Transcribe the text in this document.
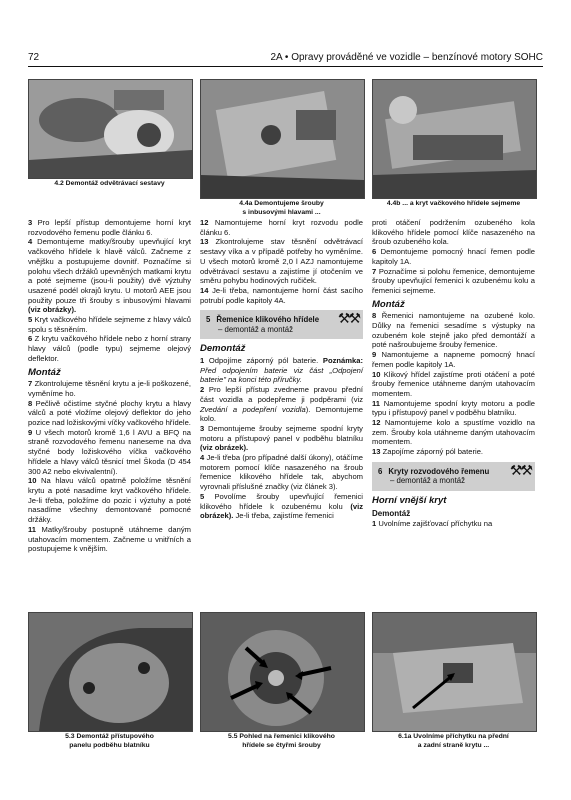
72	2A • Opravy prováděné ve vozidle – benzínové motory SOHC
4.2 Demontáž odvětrávací sestavy
4.4a Demontujeme šrouby
s inbusovými hlavami ...
4.4b ... a kryt vačkového hřídele sejmeme

3 Pro lepší přístup demontujeme horní kryt rozvodového řemenu podle článku 6.

4 Demontujeme matky/šrouby upevňující kryt vačkového hřídele k hlavě válců. Začneme z vnějšku a postupujeme dovnitř. Poznačíme si polohu všech držáků upevněných matkami krytu a poté sejmeme (jsou-li použity) dvě výztuhy usazené podél okrajů krytu. U motorů AEE jsou použity pouze tři šrouby s inbusovými hlavami (viz obrázky).

5 Kryt vačkového hřídele sejmeme z hlavy válců spolu s těsněním.

6 Z krytu vačkového hřídele nebo z horní strany hlavy válců (podle typu) sejmeme olejový deflektor.

Montáž

7 Zkontrolujeme těsnění krytu a je-li poškozené, vyměníme ho.

8 Pečlivě očistíme styčné plochy krytu a hlavy válců a poté vložíme olejový deflektor do jeho pozice nad ložiskovými víčky vačkového hřídele.

9 U všech motorů kromě 1,6 l AVU a BFQ na straně rozvodového řemenu naneseme na dva styčné body ložiskového víčka vačkového hřídele a hlavy válců těsnicí tmel Škoda (D 454 300 A2 nebo ekvivalentní).

10 Na hlavu válců opatrně položíme těsnění krytu a poté nasadíme kryt vačkového hřídele. Je-li třeba, položíme do pozic i výztuhy a poté nasadíme všechny demontované pomocné držáky.

11 Matky/šrouby postupně utáhneme daným utahovacím momentem. Začneme u vnitřních a postupujeme k vnějším.

12 Namontujeme horní kryt rozvodu podle článku 6.

13 Zkontrolujeme stav těsnění odvětrávací sestavy víka a v případě potřeby ho vyměníme. U všech motorů kromě 2,0 l AZJ namontujeme odvětrávací sestavu a zajistíme jí otočením ve směru pohybu hodinových ručiček.

14 Je-li třeba, namontujeme horní část sacího potrubí podle kapitoly 4A.

5 Řemenice klikového hřídele
– demontáž a montáž
⚒⚒
Demontáž

1 Odpojíme záporný pól baterie. Poznámka: Před odpojením baterie viz část „Odpojení baterie" na konci této příručky.

2 Pro lepší přístup zvedneme pravou přední část vozidla a podepřeme ji podpěrami (viz Zvedání a podepření vozidla). Demontujeme kolo.

3 Demontujeme šrouby sejmeme spodní kryty motoru a přístupový panel v podběhu blatníku (viz obrázek).

4 Je-li třeba (pro případné další úkony), otáčíme motorem pomocí klíče nasazeného na šroub řemenice klikového hřídele tak, abychom vyrovnali příslušné značky (viz článek 3).

5 Povolíme šrouby upevňující řemenici klikového hřídele k ozubenému kolu (viz obrázek). Je-li třeba, zajistíme řemenici

proti otáčení podržením ozubeného kola klikového hřídele pomocí klíče nasazeného na šroub ozubeného kola.

6 Demontujeme pomocný hnací řemen podle kapitoly 1A.

7 Poznačíme si polohu řemenice, demontujeme šrouby upevňující řemenici k ozubenému kolu a řemenici sejmeme.

Montáž

8 Řemenici namontujeme na ozubené kolo. Důlky na řemenici sesadíme s výstupky na ozubeném kole stejně jako před demontáží a poté našroubujeme šrouby řemenice.

9 Namontujeme a napneme pomocný hnací řemen podle kapitoly 1A.

10 Klikový hřídel zajistíme proti otáčení a poté šrouby řemenice utáhneme daným utahovacím momentem.

11 Namontujeme spodní kryty motoru a podle typu i přístupový panel v podběhu blatníku.

12 Namontujeme kolo a spustíme vozidlo na zem. Šrouby kola utáhneme daným utahovacím momentem.

13 Zapojíme záporný pól baterie.

6 Kryty rozvodového řemenu
– demontáž a montáž
⚒⚒
Horní vnější kryt
Demontáž

1 Uvolníme zajišťovací příchytku na

5.3 Demontáž přístupového
panelu podběhu blatníku
5.5 Pohled na řemenici klikového
hřídele se čtyřmi šrouby
6.1a Uvolníme příchytku na přední
a zadní straně krytu ...
